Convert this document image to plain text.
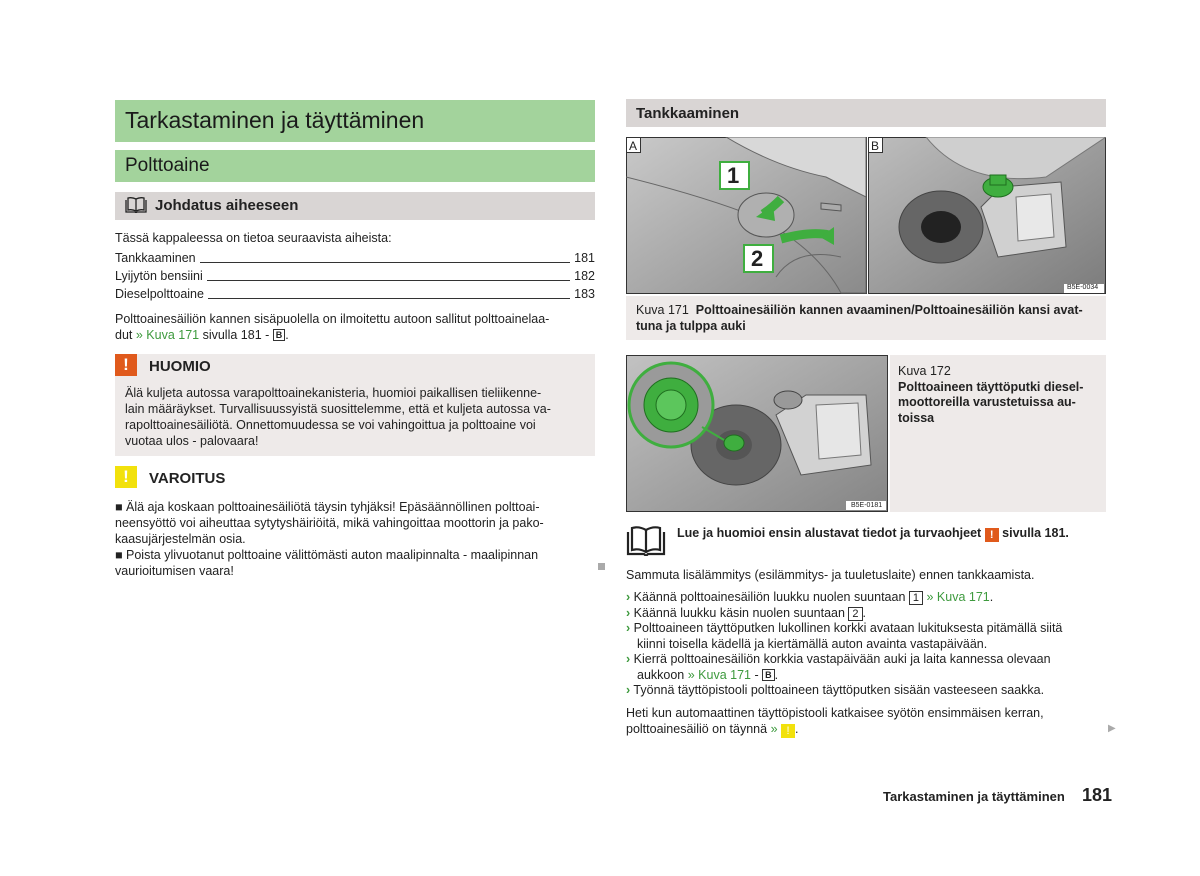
Tarkastaminen ja täyttäminen
Polttoaine
Johdatus aiheeseen
Tässä kappaleessa on tietoa seuraavista aiheista:
Tankkaaminen	181
Lyijytön bensiini	182
Dieselpolttoaine	183
Polttoainesäiliön kannen sisäpuolella on ilmoitettu autoon sallitut polttoainelaa-
dut » Kuva 171 sivulla 181 - B .
!	HUOMIO
Älä kuljeta autossa varapolttoainekanisteria, huomioi paikallisen tieliikenne-
lain määräykset. Turvallisuussyistä suosittelemme, että et kuljeta autossa va-
rapolttoainesäiliötä. Onnettomuudessa se voi vahingoittua ja polttoaine voi
vuotaa ulos - palovaara!
!	VAROITUS
■ Älä aja koskaan polttoainesäiliötä täysin tyhjäksi! Epäsäännöllinen polttoai-
neensyöttö voi aiheuttaa sytytyshäiriöitä, mikä vahingoittaa moottorin ja pako-
kaasujärjestelmän osia.
■ Poista ylivuotanut polttoaine välittömästi auton maalipinnalta - maalipinnan
vaurioitumisen vaara!
Tankkaaminen
A	B
1
2
B5E-0034
Kuva 171 Polttoainesäiliön kannen avaaminen/Polttoainesäiliön kansi avat-
tuna ja tulppa auki
B5E-0181
Kuva 172
Polttoaineen täyttöputki diesel-
moottoreilla varustetuissa au-
toissa
Lue ja huomioi ensin alustavat tiedot ja turvaohjeet ! sivulla 181.
Sammuta lisälämmitys (esilämmitys- ja tuuletuslaite) ennen tankkaamista.
› Käännä polttoainesäiliön luukku nuolen suuntaan 1 » Kuva 171.
› Käännä luukku käsin nuolen suuntaan 2 .
› Polttoaineen täyttöputken lukollinen korkki avataan lukituksesta pitämällä siitä
kiinni toisella kädellä ja kiertämällä auton avainta vastapäivään.
› Kierrä polttoainesäiliön korkkia vastapäivään auki ja laita kannessa olevaan
aukkoon » Kuva 171 - B .
› Työnnä täyttöpistooli polttoaineen täyttöputken sisään vasteeseen saakka.
Heti kun automaattinen täyttöpistooli katkaisee syötön ensimmäisen kerran,
polttoainesäiliö on täynnä » ! .	▶
Tarkastaminen ja täyttäminen 181
